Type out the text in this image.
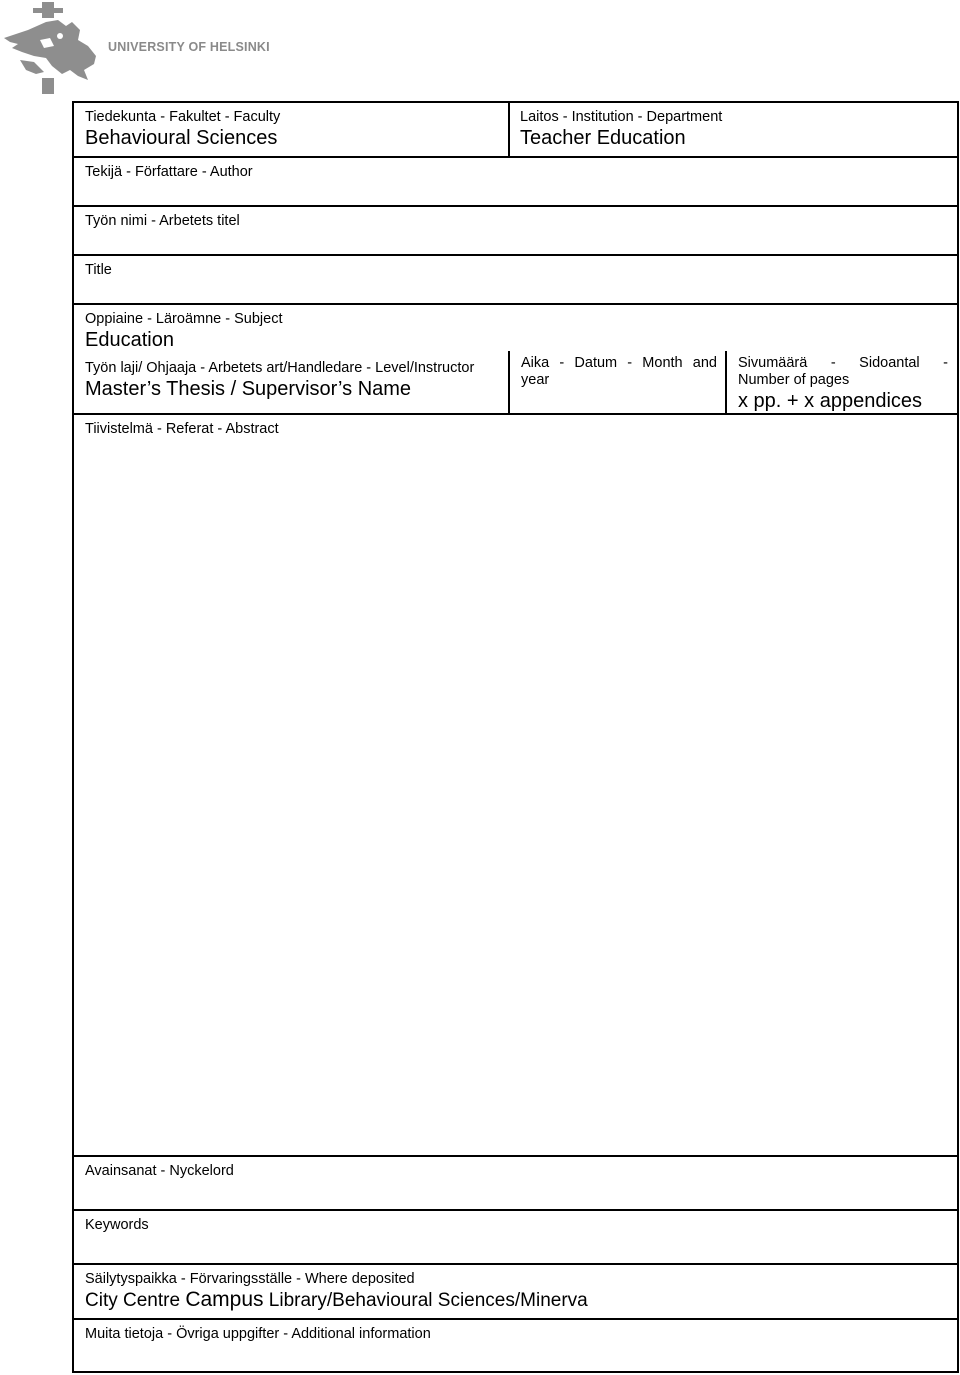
UNIVERSITY OF HELSINKI
Tiedekunta - Fakultet - Faculty
Behavioural Sciences
Laitos - Institution - Department
Teacher Education
Tekijä - Författare - Author
Työn nimi - Arbetets titel
Title
Oppiaine - Läroämne - Subject
Education
Työn laji/ Ohjaaja - Arbetets art/Handledare - Level/Instructor
Master’s Thesis / Supervisor’s Name
Aika - Datum - Month and
year
Sivumäärä - Sidoantal -
Number of pages
x pp. + x appendices
Tiivistelmä - Referat - Abstract
Avainsanat - Nyckelord
Keywords
Säilytyspaikka - Förvaringsställe - Where deposited
City Centre Campus Library/Behavioural Sciences/Minerva
Muita tietoja - Övriga uppgifter - Additional information
